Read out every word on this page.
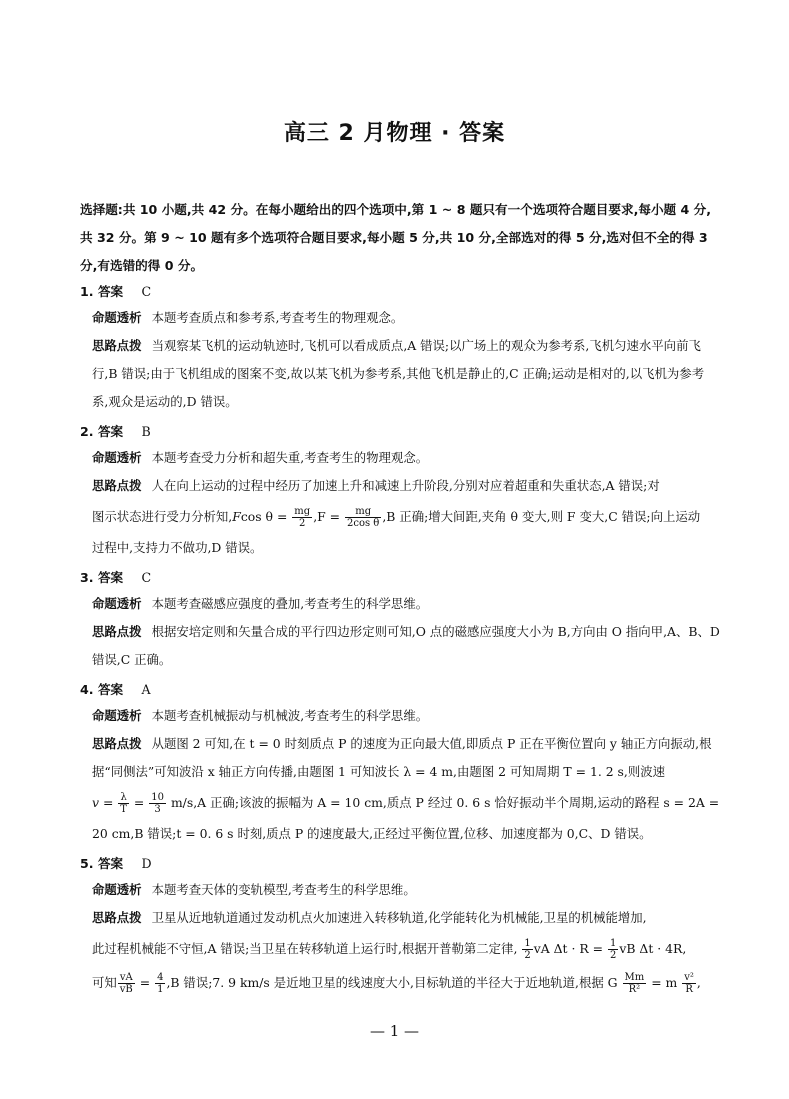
高三 2 月物理 · 答案
选择题:共 10 小题,共 42 分。在每小题给出的四个选项中,第 1 ~ 8 题只有一个选项符合题目要求,每小题 4 分,共 32 分。第 9 ~ 10 题有多个选项符合题目要求,每小题 5 分,共 10 分,全部选对的得 5 分,选对但不全的得 3 分,有选错的得 0 分。
1. 答案 C
命题透析 本题考查质点和参考系,考查考生的物理观念。
思路点拨 当观察某飞机的运动轨迹时,飞机可以看成质点,A 错误;以广场上的观众为参考系,飞机匀速水平向前飞行,B 错误;由于飞机组成的图案不变,故以某飞机为参考系,其他飞机是静止的,C 正确;运动是相对的,以飞机为参考系,观众是运动的,D 错误。
2. 答案 B
命题透析 本题考查受力分析和超失重,考查考生的物理观念。
思路点拨 人在向上运动的过程中经历了加速上升和减速上升阶段,分别对应着超重和失重状态,A 错误;对
图示状态进行受力分析知,Fcos $\theta = \frac{mg}{2} ,F = \frac{mg}{\text{2cos θ}} ,B$ 正确;增大间距,夹角 θ 变大,则 F 变大,C 错误;向上运动
过程中,支持力不做功,D 错误。
3. 答案 C
命题透析 本题考查磁感应强度的叠加,考查考生的科学思维。
思路点拨 根据安培定则和矢量合成的平行四边形定则可知,O 点的磁感应强度大小为 B,方向由 O 指向甲,A、B、D 错误,C 正确。
4. 答案 A
命题透析 本题考查机械振动与机械波,考查考生的科学思维。
思路点拨 从题图 2 可知,在 t = 0 时刻质点 P 的速度为正向最大值,即质点 P 正在平衡位置向 y 轴正方向振动,根据“同侧法”可知波沿 x 轴正方向传播,由题图 1 可知波长 λ = 4 m,由题图 2 可知周期 T = 1. 2 s,则波速
$v = \frac{\lambda}{T} = \frac{10}{3} m/s,A$ 正确;该波的振幅为 A = 10 cm,质点 P 经过 0. 6 s 恰好振动半个周期,运动的路程 s = 2A =
20 cm,B 错误;t = 0. 6 s 时刻,质点 P 的速度最大,正经过平衡位置,位移、加速度都为 0,C、D 错误。
5. 答案 D
命题透析 本题考查天体的变轨模型,考查考生的科学思维。
思路点拨 卫星从近地轨道通过发动机点火加速进入转移轨道,化学能转化为机械能,卫星的机械能增加,
此过程机械能不守恒,A 错误;当卫星在转移轨道上运行时,根据开普勒第二定律, $\frac{1}{2}$ vA $\Delta t \cdot R = \frac{1}{2}$ vB Δt · 4R,
可知 $\frac{vA}{vB} = \frac{4}{1} ,B$ 错误;7. 9 km/s 是近地卫星的线速度大小,目标轨道的半径大于近地轨道,根据 G $\frac{Mm}{\text{R²}} = m \frac{\text{v²}}{R}$ ,
— 1 —
